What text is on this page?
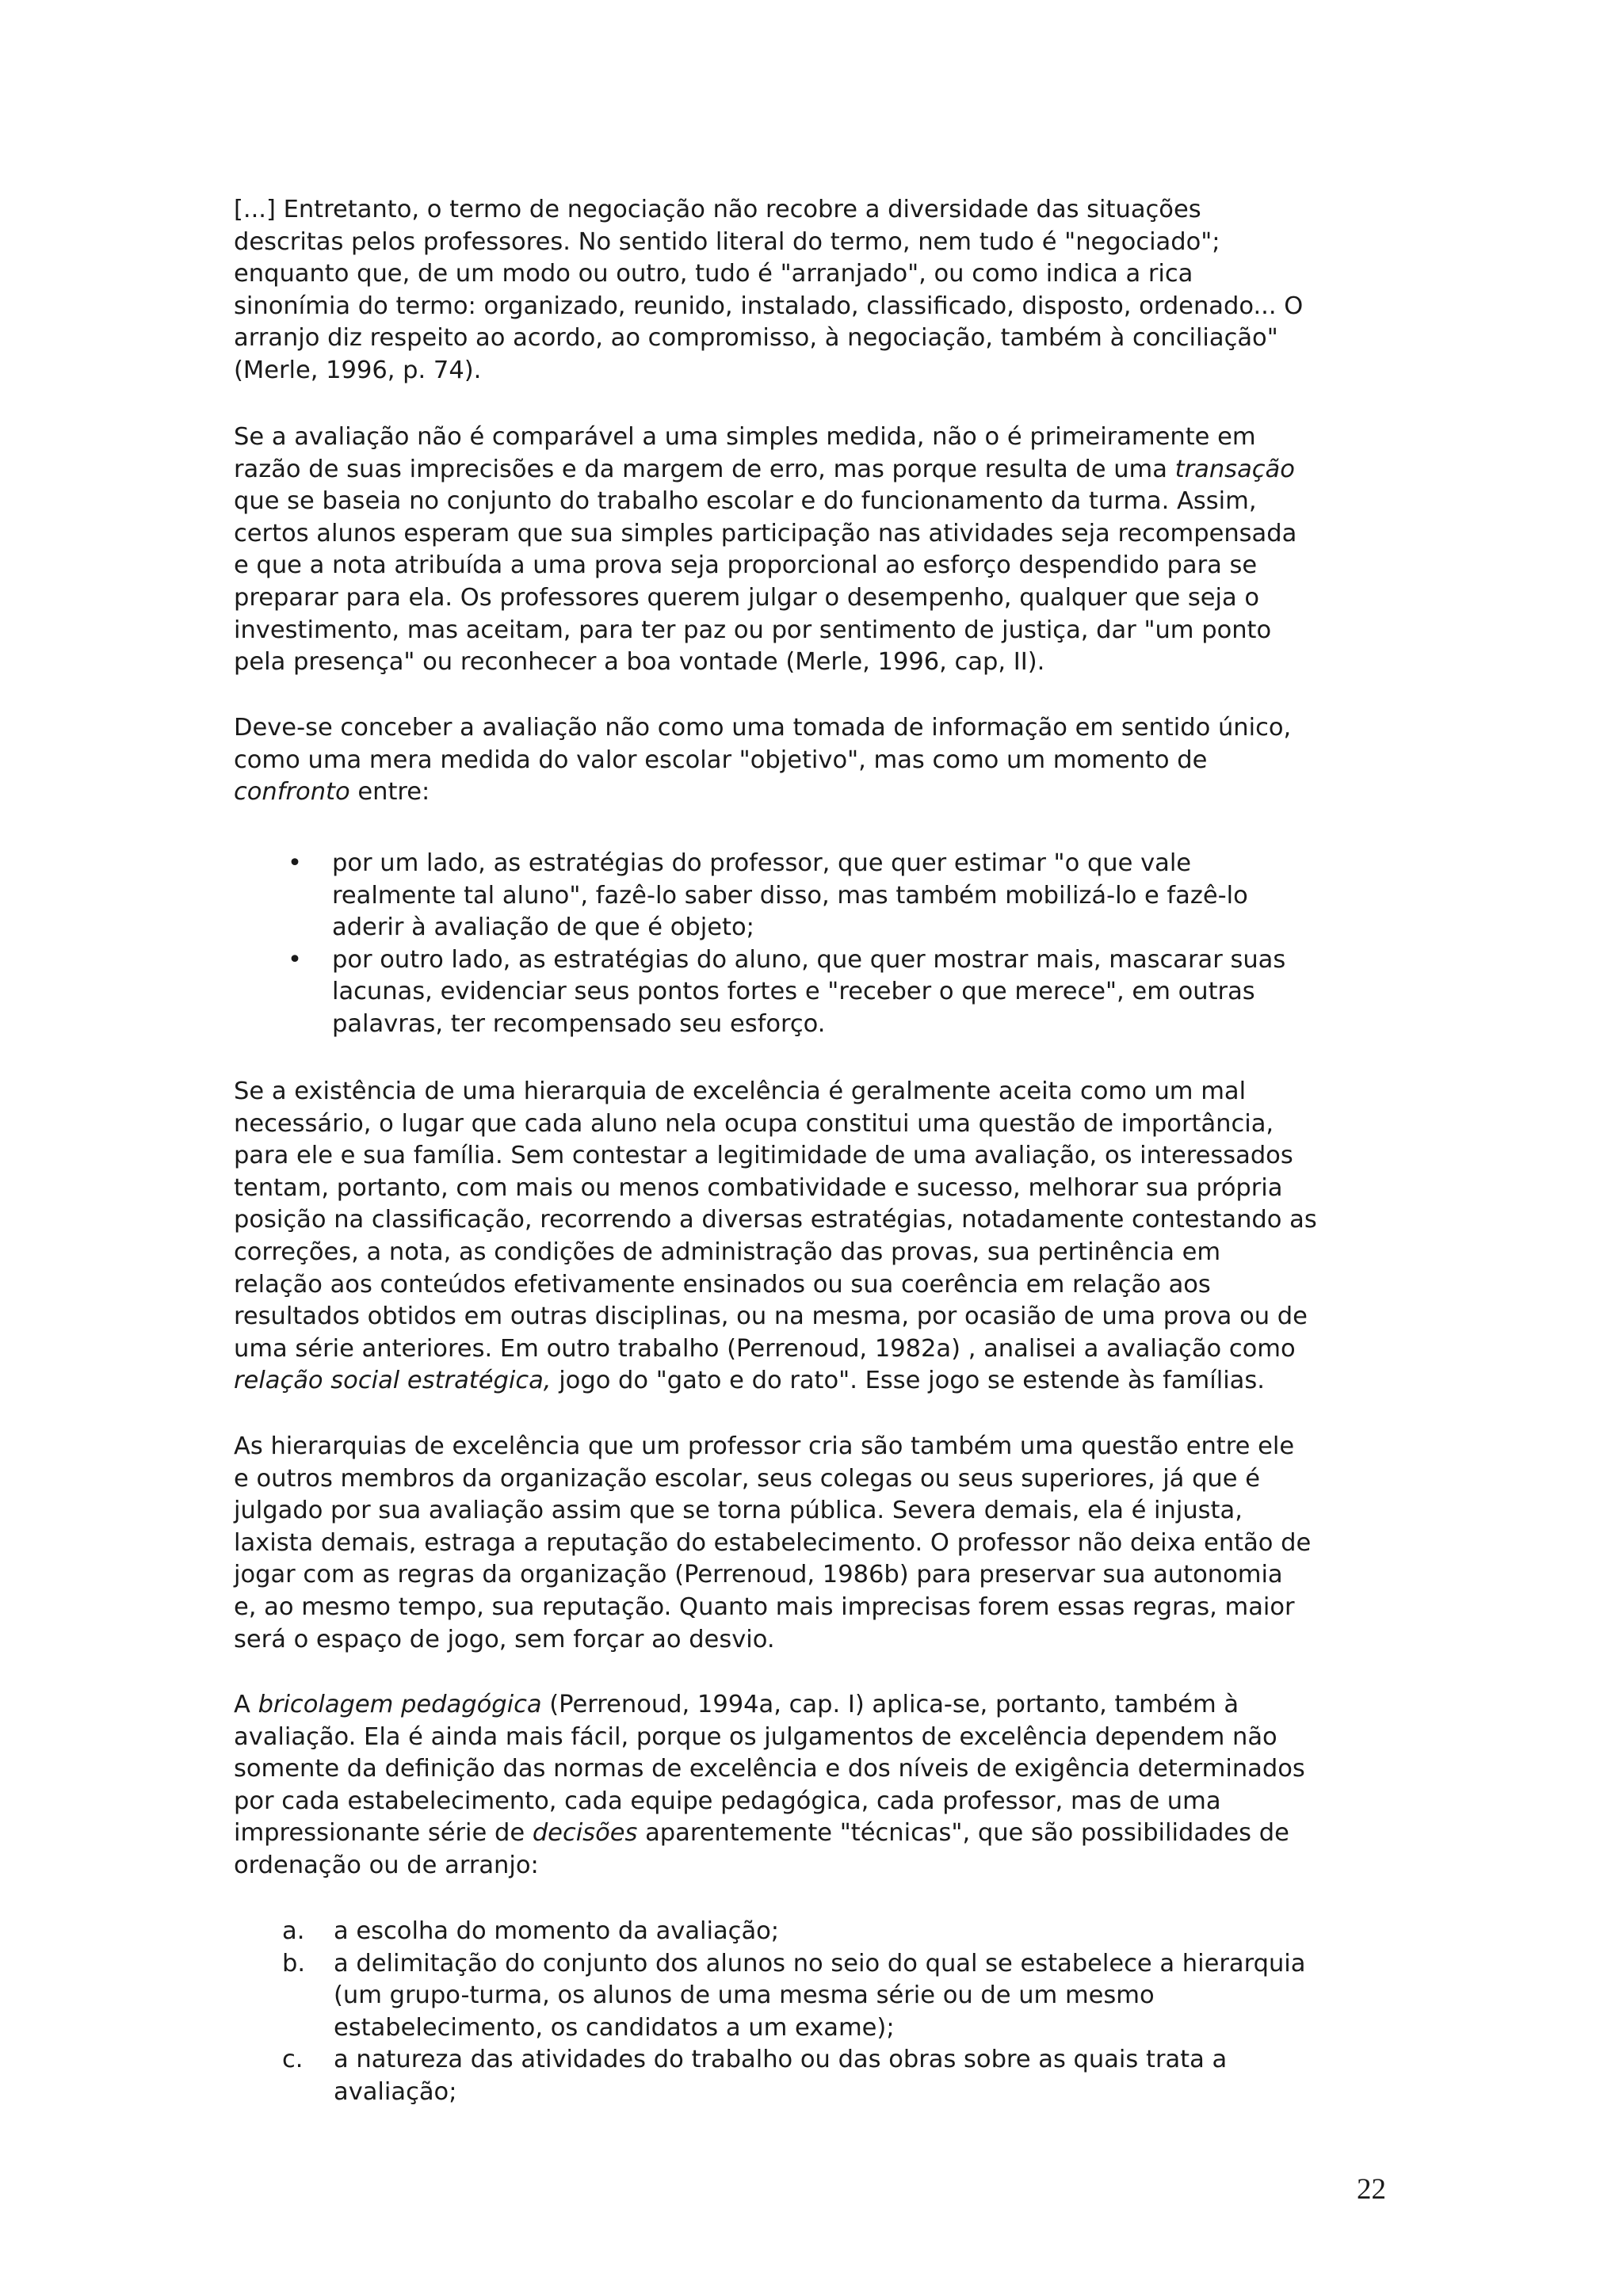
[...] Entretanto, o termo de negociação não recobre a diversidade das situações
descritas pelos professores. No sentido literal do termo, nem tudo é "negociado";
enquanto que, de um modo ou outro, tudo é "arranjado", ou como indica a rica
sinonímia do termo: organizado, reunido, instalado, classificado, disposto, ordenado... O
arranjo diz respeito ao acordo, ao compromisso, à negociação, também à conciliação"
(Merle, 1996, p. 74).
Se a avaliação não é comparável a uma simples medida, não o é primeiramente em
razão de suas imprecisões e da margem de erro, mas porque resulta de uma transação
que se baseia no conjunto do trabalho escolar e do funcionamento da turma. Assim,
certos alunos esperam que sua simples participação nas atividades seja recompensada
e que a nota atribuída a uma prova seja proporcional ao esforço despendido para se
preparar para ela. Os professores querem julgar o desempenho, qualquer que seja o
investimento, mas aceitam, para ter paz ou por sentimento de justiça, dar "um ponto
pela presença" ou reconhecer a boa vontade (Merle, 1996, cap, II).
Deve-se conceber a avaliação não como uma tomada de informação em sentido único,
como uma mera medida do valor escolar "objetivo", mas como um momento de
confronto entre:
• por um lado, as estratégias do professor, que quer estimar "o que vale
realmente tal aluno", fazê-lo saber disso, mas também mobilizá-lo e fazê-lo
aderir à avaliação de que é objeto;
• por outro lado, as estratégias do aluno, que quer mostrar mais, mascarar suas
lacunas, evidenciar seus pontos fortes e "receber o que merece", em outras
palavras, ter recompensado seu esforço.
Se a existência de uma hierarquia de excelência é geralmente aceita como um mal
necessário, o lugar que cada aluno nela ocupa constitui uma questão de importância,
para ele e sua família. Sem contestar a legitimidade de uma avaliação, os interessados
tentam, portanto, com mais ou menos combatividade e sucesso, melhorar sua própria
posição na classificação, recorrendo a diversas estratégias, notadamente contestando as
correções, a nota, as condições de administração das provas, sua pertinência em
relação aos conteúdos efetivamente ensinados ou sua coerência em relação aos
resultados obtidos em outras disciplinas, ou na mesma, por ocasião de uma prova ou de
uma série anteriores. Em outro trabalho (Perrenoud, 1982a) , analisei a avaliação como
relação social estratégica, jogo do "gato e do rato". Esse jogo se estende às famílias.
As hierarquias de excelência que um professor cria são também uma questão entre ele
e outros membros da organização escolar, seus colegas ou seus superiores, já que é
julgado por sua avaliação assim que se torna pública. Severa demais, ela é injusta,
laxista demais, estraga a reputação do estabelecimento. O professor não deixa então de
jogar com as regras da organização (Perrenoud, 1986b) para preservar sua autonomia
e, ao mesmo tempo, sua reputação. Quanto mais imprecisas forem essas regras, maior
será o espaço de jogo, sem forçar ao desvio.
A bricolagem pedagógica (Perrenoud, 1994a, cap. I) aplica-se, portanto, também à
avaliação. Ela é ainda mais fácil, porque os julgamentos de excelência dependem não
somente da definição das normas de excelência e dos níveis de exigência determinados
por cada estabelecimento, cada equipe pedagógica, cada professor, mas de uma
impressionante série de decisões aparentemente "técnicas", que são possibilidades de
ordenação ou de arranjo:
a.	a escolha do momento da avaliação;
b.	a delimitação do conjunto dos alunos no seio do qual se estabelece a hierarquia
(um grupo-turma, os alunos de uma mesma série ou de um mesmo
estabelecimento, os candidatos a um exame);
c.	a natureza das atividades do trabalho ou das obras sobre as quais trata a
avaliação;
22
